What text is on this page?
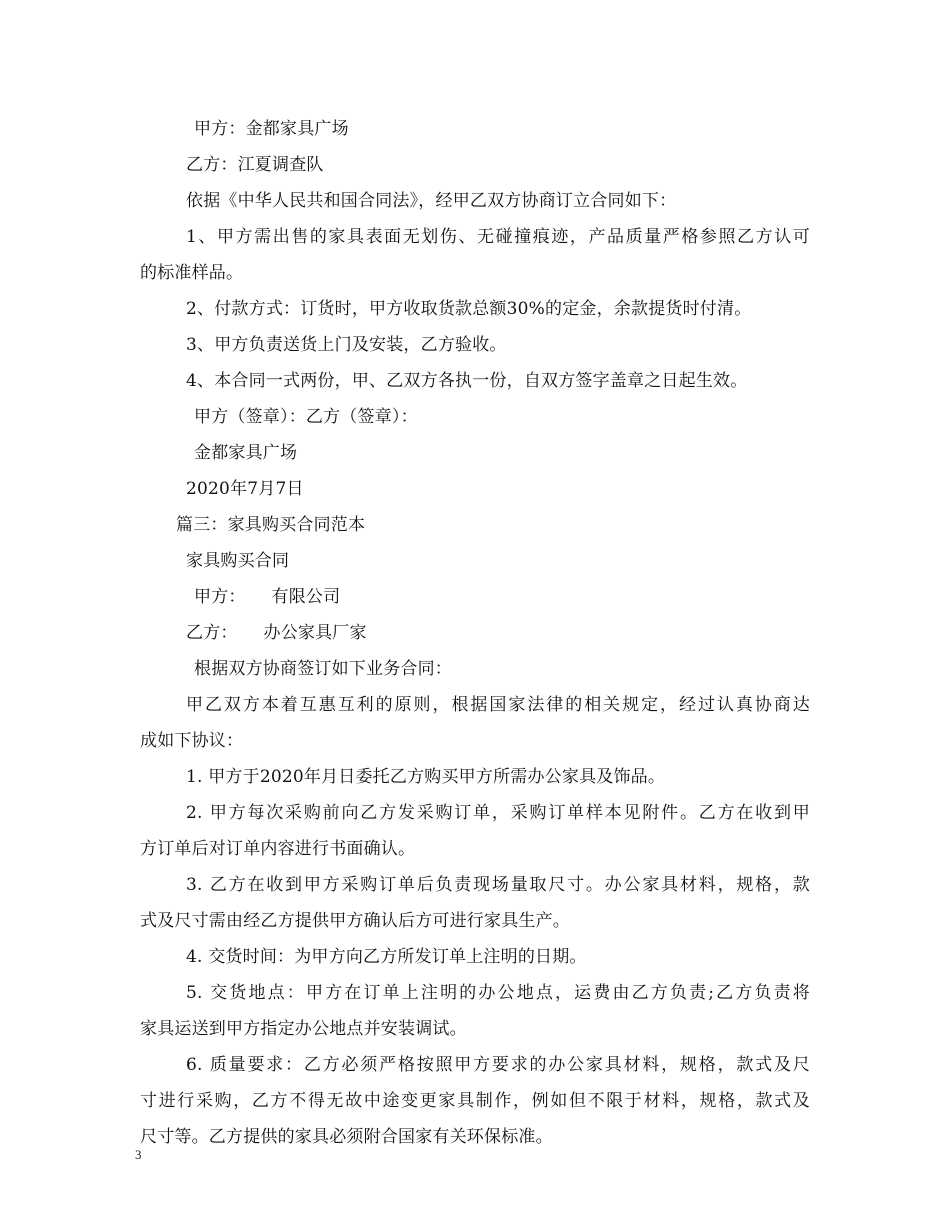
甲方：金都家具广场
乙方：江夏调查队
依据《中华人民共和国合同法》，经甲乙双方协商订立合同如下：
1、甲方需出售的家具表面无划伤、无碰撞痕迹，产品质量严格参照乙方认可
的标准样品。
2、付款方式：订货时，甲方收取货款总额30%的定金，余款提货时付清。
3、甲方负责送货上门及安装，乙方验收。
4、本合同一式两份，甲、乙双方各执一份，自双方签字盖章之日起生效。
甲方（签章）：乙方（签章）：
金都家具广场
2020年7月7日
篇三：家具购买合同范本
家具购买合同
甲方：　　有限公司
乙方：　　办公家具厂家
根据双方协商签订如下业务合同：
甲乙双方本着互惠互利的原则，根据国家法律的相关规定，经过认真协商达
成如下协议：
1. 甲方于2020年月日委托乙方购买甲方所需办公家具及饰品。
2. 甲方每次采购前向乙方发采购订单，采购订单样本见附件。乙方在收到甲
方订单后对订单内容进行书面确认。
3. 乙方在收到甲方采购订单后负责现场量取尺寸。办公家具材料，规格，款
式及尺寸需由经乙方提供甲方确认后方可进行家具生产。
4. 交货时间：为甲方向乙方所发订单上注明的日期。
5. 交货地点：甲方在订单上注明的办公地点，运费由乙方负责;乙方负责将
家具运送到甲方指定办公地点并安装调试。
6. 质量要求：乙方必须严格按照甲方要求的办公家具材料，规格，款式及尺
寸进行采购，乙方不得无故中途变更家具制作，例如但不限于材料，规格，款式及
尺寸等。乙方提供的家具必须附合国家有关环保标准。
3
